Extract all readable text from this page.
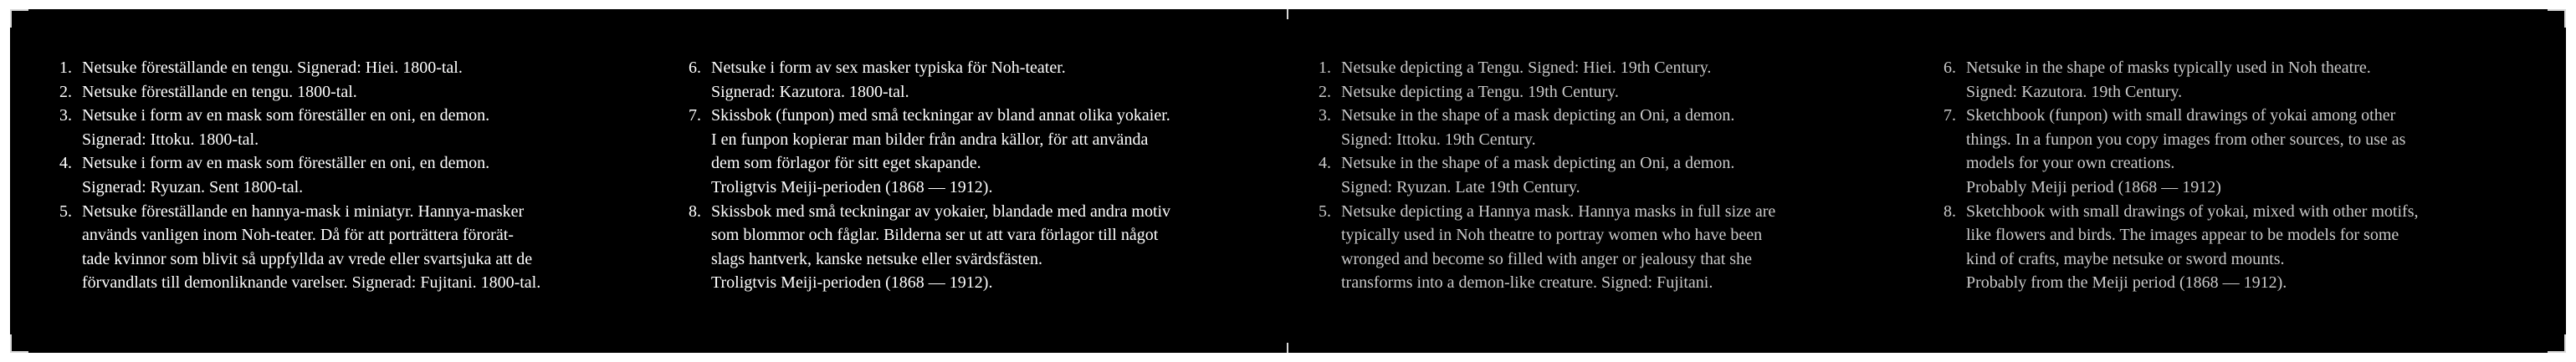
1. Netsuke föreställande en tengu. Signerad: Hiei. 1800-tal.
2. Netsuke föreställande en tengu. 1800-tal.
3. Netsuke i form av en mask som föreställer en oni, en demon.
Signerad: Ittoku. 1800-tal.
4. Netsuke i form av en mask som föreställer en oni, en demon.
Signerad: Ryuzan. Sent 1800-tal.
5. Netsuke föreställande en hannya-mask i miniatyr. Hannya-masker
används vanligen inom Noh-teater. Då för att porträttera förorät-
tade kvinnor som blivit så uppfyllda av vrede eller svartsjuka att de
förvandlats till demonliknande varelser. Signerad: Fujitani. 1800-tal.
6. Netsuke i form av sex masker typiska för Noh-teater.
Signerad: Kazutora. 1800-tal.
7. Skissbok (funpon) med små teckningar av bland annat olika yokaier.
I en funpon kopierar man bilder från andra källor, för att använda
dem som förlagor för sitt eget skapande.
Troligtvis Meiji-perioden (1868 — 1912).
8. Skissbok med små teckningar av yokaier, blandade med andra motiv
som blommor och fåglar. Bilderna ser ut att vara förlagor till något
slags hantverk, kanske netsuke eller svärdsfästen.
Troligtvis Meiji-perioden (1868 — 1912).
1. Netsuke depicting a Tengu. Signed: Hiei. 19th Century.
2. Netsuke depicting a Tengu. 19th Century.
3. Netsuke in the shape of a mask depicting an Oni, a demon.
Signed: Ittoku. 19th Century.
4. Netsuke in the shape of a mask depicting an Oni, a demon.
Signed: Ryuzan. Late 19th Century.
5. Netsuke depicting a Hannya mask. Hannya masks in full size are
typically used in Noh theatre to portray women who have been
wronged and become so filled with anger or jealousy that she
transforms into a demon-like creature. Signed: Fujitani.
6. Netsuke in the shape of masks typically used in Noh theatre.
Signed: Kazutora. 19th Century.
7. Sketchbook (funpon) with small drawings of yokai among other
things. In a funpon you copy images from other sources, to use as
models for your own creations.
Probably Meiji period (1868 — 1912)
8. Sketchbook with small drawings of yokai, mixed with other motifs,
like flowers and birds. The images appear to be models for some
kind of crafts, maybe netsuke or sword mounts.
Probably from the Meiji period (1868 — 1912).
